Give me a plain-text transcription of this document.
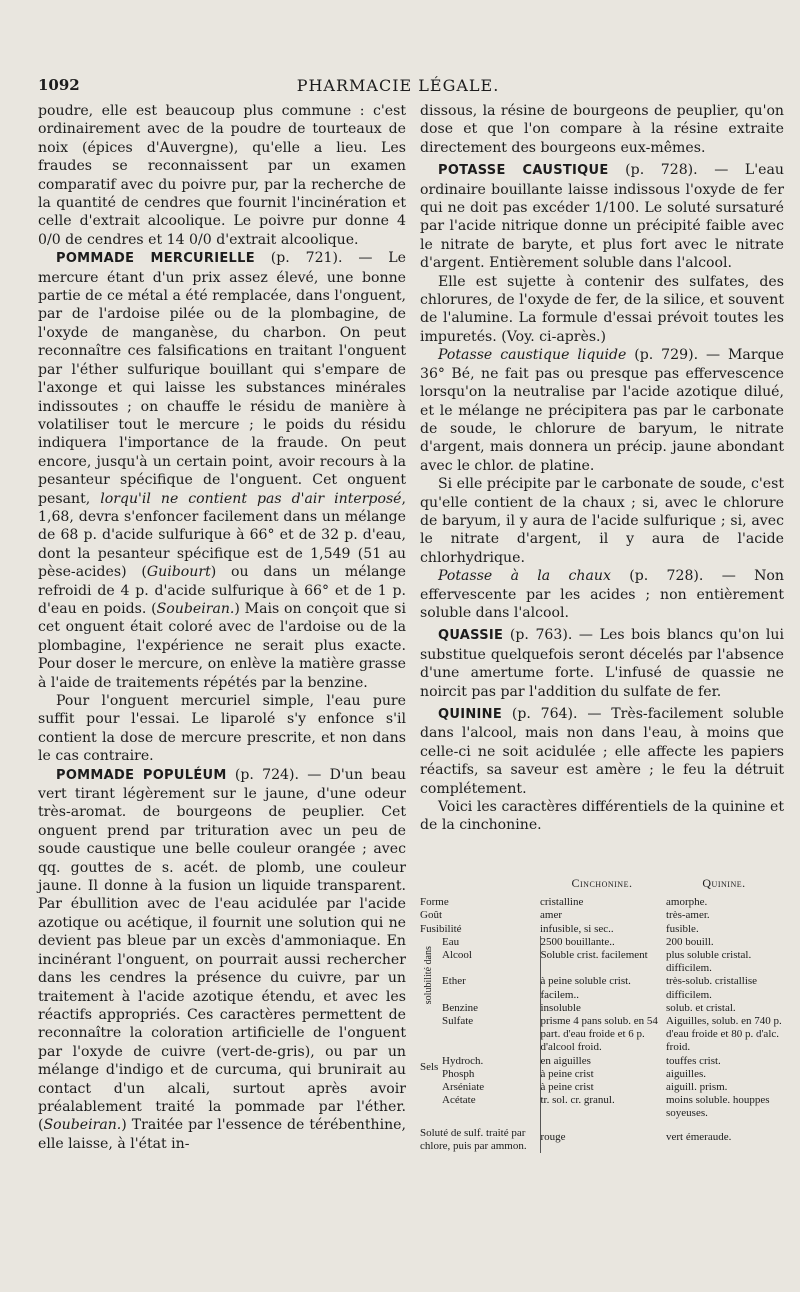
1092	PHARMACIE LÉGALE.

poudre, elle est beaucoup plus commune : c'est ordinairement avec de la poudre de tourteaux de noix (épices d'Auvergne), qu'elle a lieu. Les fraudes se reconnaissent par un examen comparatif avec du poivre pur, par la recherche de la quantité de cendres que fournit l'incinération et celle d'extrait alcoolique. Le poivre pur donne 4 0/0 de cendres et 14 0/0 d'extrait alcoolique.

POMMADE MERCURIELLE (p. 721). — Le mercure étant d'un prix assez élevé, une bonne partie de ce métal a été remplacée, dans l'onguent, par de l'ardoise pilée ou de la plombagine, de l'oxyde de manganèse, du charbon. On peut reconnaître ces falsifications en traitant l'onguent par l'éther sulfurique bouillant qui s'empare de l'axonge et qui laisse les substances minérales indissoutes ; on chauffe le résidu de manière à volatiliser tout le mercure ; le poids du résidu indiquera l'importance de la fraude. On peut encore, jusqu'à un certain point, avoir recours à la pesanteur spécifique de l'onguent. Cet onguent pesant, lorqu'il ne contient pas d'air interposé, 1,68, devra s'enfoncer facilement dans un mélange de 68 p. d'acide sulfurique à 66° et de 32 p. d'eau, dont la pesanteur spécifique est de 1,549 (51 au pèse-acides) (Guibourt) ou dans un mélange refroidi de 4 p. d'acide sulfurique à 66° et de 1 p. d'eau en poids. (Soubeiran.) Mais on conçoit que si cet onguent était coloré avec de l'ardoise ou de la plombagine, l'expérience ne serait plus exacte. Pour doser le mercure, on enlève la matière grasse à l'aide de traitements répétés par la benzine.

Pour l'onguent mercuriel simple, l'eau pure suffit pour l'essai. Le liparolé s'y enfonce s'il contient la dose de mercure prescrite, et non dans le cas contraire.

POMMADE POPULÉUM (p. 724). — D'un beau vert tirant légèrement sur le jaune, d'une odeur très-aromat. de bourgeons de peuplier. Cet onguent prend par trituration avec un peu de soude caustique une belle couleur orangée ; avec qq. gouttes de s. acét. de plomb, une couleur jaune. Il donne à la fusion un liquide transparent. Par ébullition avec de l'eau acidulée par l'acide azotique ou acétique, il fournit une solution qui ne devient pas bleue par un excès d'ammoniaque. En incinérant l'onguent, on pourrait aussi rechercher dans les cendres la présence du cuivre, par un traitement à l'acide azotique étendu, et avec les réactifs appropriés. Ces caractères permettent de reconnaître la coloration artificielle de l'onguent par l'oxyde de cuivre (vert-de-gris), ou par un mélange d'indigo et de curcuma, qui brunirait au contact d'un alcali, surtout après avoir préalablement traité la pommade par l'éther. (Soubeiran.) Traitée par l'essence de térébenthine, elle laisse, à l'état in-

dissous, la résine de bourgeons de peuplier, qu'on dose et que l'on compare à la résine extraite directement des bourgeons eux-mêmes.

POTASSE CAUSTIQUE (p. 728). — L'eau ordinaire bouillante laisse indissous l'oxyde de fer qui ne doit pas excéder 1/100. Le soluté sursaturé par l'acide nitrique donne un précipité faible avec le nitrate de baryte, et plus fort avec le nitrate d'argent. Entièrement soluble dans l'alcool.

Elle est sujette à contenir des sulfates, des chlorures, de l'oxyde de fer, de la silice, et souvent de l'alumine. La formule d'essai prévoit toutes les impuretés. (Voy. ci-après.)

Potasse caustique liquide (p. 729). — Marque 36° Bé, ne fait pas ou presque pas effervescence lorsqu'on la neutralise par l'acide azotique dilué, et le mélange ne précipitera pas par le carbonate de soude, le chlorure de baryum, le nitrate d'argent, mais donnera un précip. jaune abondant avec le chlor. de platine.

Si elle précipite par le carbonate de soude, c'est qu'elle contient de la chaux ; si, avec le chlorure de baryum, il y aura de l'acide sulfurique ; si, avec le nitrate d'argent, il y aura de l'acide chlorhydrique.

Potasse à la chaux (p. 728). — Non effervescente par les acides ; non entièrement soluble dans l'alcool.

QUASSIE (p. 763). — Les bois blancs qu'on lui substitue quelquefois seront décelés par l'absence d'une amertume forte. L'infusé de quassie ne noircit pas par l'addition du sulfate de fer.

QUININE (p. 764). — Très-facilement soluble dans l'alcool, mais non dans l'eau, à moins que celle-ci ne soit acidulée ; elle affecte les papiers réactifs, sa saveur est amère ; le feu la détruit complétement.

Voici les caractères différentiels de la quinine et de la cinchonine.

		Cinchonine.	Quinine.
Forme		cristalline	amorphe.
Goût		amer	très-amer.
Fusibilité		infusible, si sec..	fusible.
solubilité dans	Eau	2500 bouillante..	200 bouill.
	Alcool	Soluble crist. facilement	plus soluble cristal. difficilem.
	Ether	à peine soluble crist. facilem..	très-solub. cristallise difficilem.
	Benzine	insoluble	solub. et cristal.
Sels	Sulfate	prisme 4 pans solub. en 54 part. d'eau froide et 6 p. d'alcool froid.	Aiguilles, solub. en 740 p. d'eau froide et 80 p. d'alc. froid.
	Hydroch.	en aiguilles	touffes crist.
	Phosph	à peine crist	aiguilles.
	Arséniate	à peine crist	aiguill. prism.
	Acétate	tr. sol. cr. granul.	moins soluble. houppes soyeuses.
Soluté de sulf. traité par chlore, puis par ammon.		rouge	vert émeraude.
